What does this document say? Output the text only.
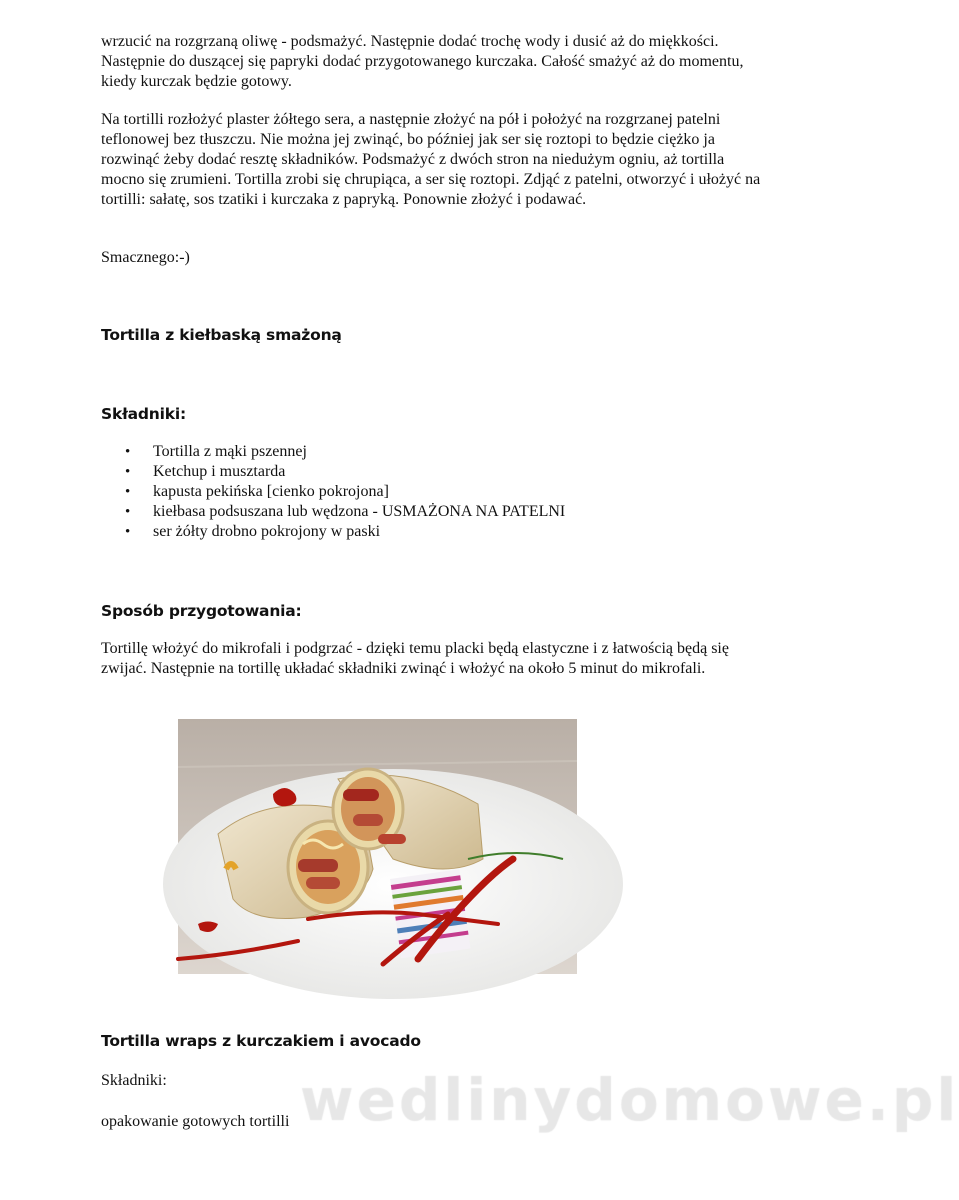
wrzucić na rozgrzaną oliwę - podsmażyć. Następnie dodać trochę wody i dusić aż do miękkości. Następnie do duszącej się papryki dodać przygotowanego kurczaka. Całość smażyć aż do momentu, kiedy kurczak będzie gotowy.

Na tortilli rozłożyć plaster żółtego sera, a następnie złożyć na pół i położyć na rozgrzanej patelni teflonowej bez tłuszczu. Nie można jej zwinąć, bo później jak ser się roztopi to będzie ciężko ja rozwinąć żeby dodać resztę składników. Podsmażyć z dwóch stron na niedużym ogniu, aż tortilla mocno się zrumieni. Tortilla zrobi się chrupiąca, a ser się roztopi. Zdjąć z patelni, otworzyć i ułożyć na tortilli: sałatę, sos tzatiki i kurczaka z papryką. Ponownie złożyć i podawać.

Smacznego:-)

Tortilla z kiełbaską smażoną
Składniki:
• Tortilla z mąki pszennej
• Ketchup i musztarda
• kapusta pekińska [cienko pokrojona]
• kiełbasa podsuszana lub wędzona - USMAŻONA NA PATELNI
• ser żółty drobno pokrojony w paski
Sposób przygotowania:

Tortillę włożyć do mikrofali i podgrzać - dzięki temu placki będą elastyczne i z łatwością będą się zwijać. Następnie na tortillę układać składniki zwinąć i włożyć na około 5 minut do mikrofali.

Tortilla wraps z kurczakiem i avocado

Składniki:

opakowanie gotowych tortilli wedlinydomowe.pl
